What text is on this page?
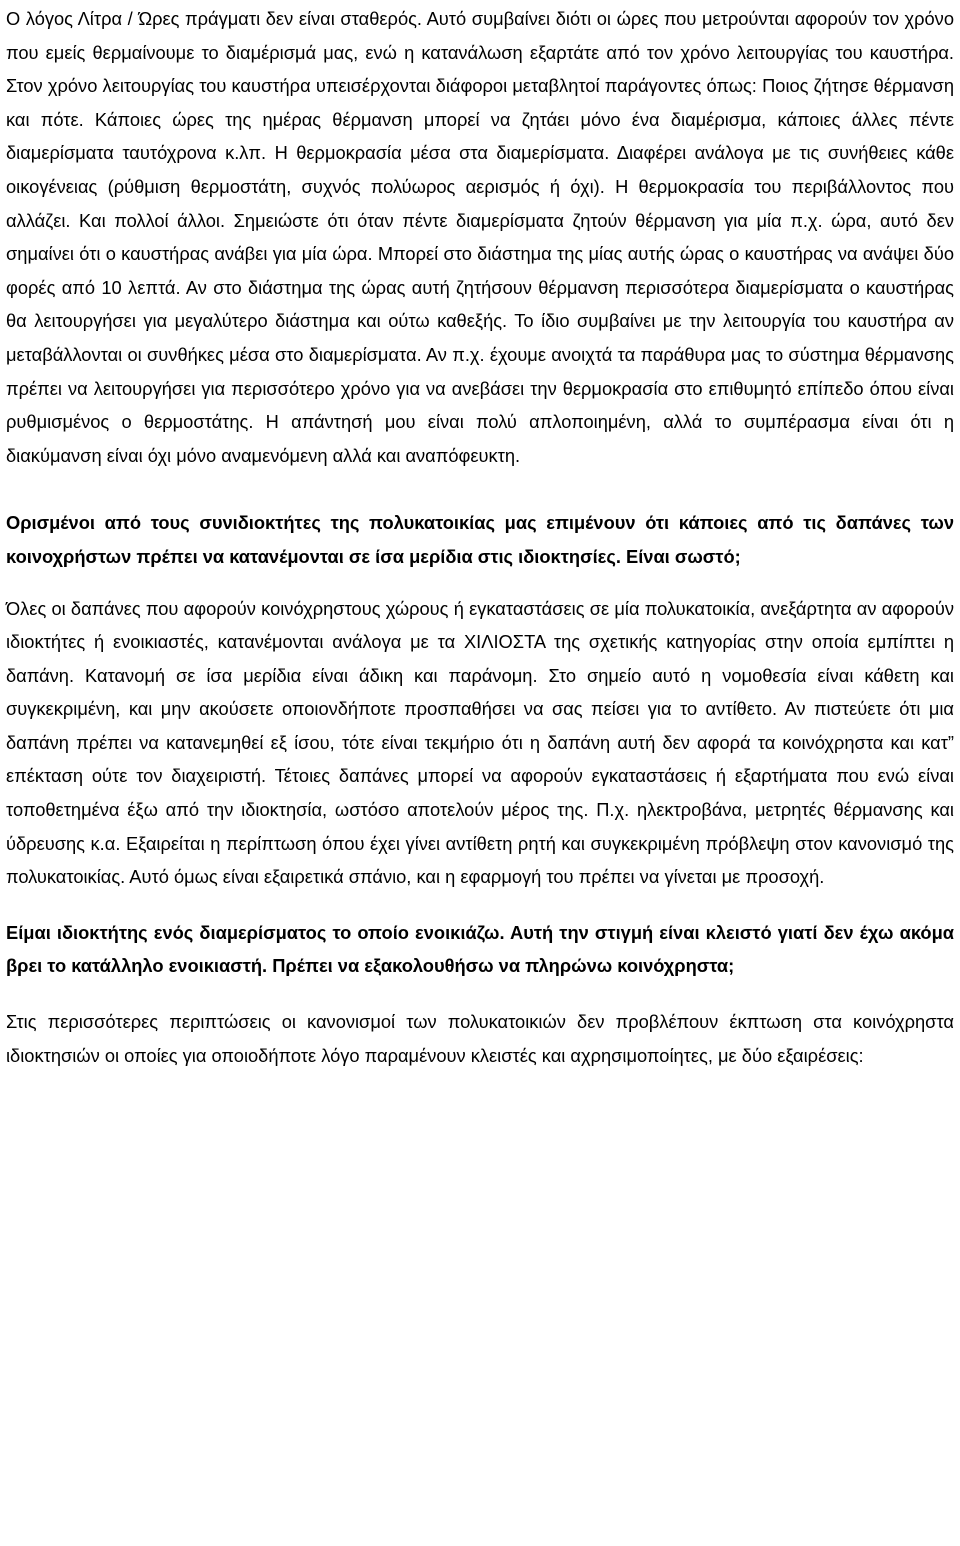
Ο λόγος Λίτρα / Ώρες πράγματι δεν είναι σταθερός. Αυτό συμβαίνει διότι οι ώρες που μετρούνται αφορούν τον χρόνο που εμείς θερμαίνουμε το διαμέρισμά μας, ενώ η κατανάλωση εξαρτάτε από τον χρόνο λειτουργίας του καυστήρα. Στον χρόνο λειτουργίας του καυστήρα υπεισέρχονται διάφοροι μεταβλητοί παράγοντες όπως: Ποιος ζήτησε θέρμανση και πότε. Κάποιες ώρες της ημέρας θέρμανση μπορεί να ζητάει μόνο ένα διαμέρισμα, κάποιες άλλες πέντε διαμερίσματα ταυτόχρονα κ.λπ. Η θερμοκρασία μέσα στα διαμερίσματα. Διαφέρει ανάλογα με τις συνήθειες κάθε οικογένειας (ρύθμιση θερμοστάτη, συχνός πολύωρος αερισμός ή όχι). Η θερμοκρασία του περιβάλλοντος που αλλάζει. Και πολλοί άλλοι. Σημειώστε ότι όταν πέντε διαμερίσματα ζητούν θέρμανση για μία π.χ. ώρα, αυτό δεν σημαίνει ότι ο καυστήρας ανάβει για μία ώρα. Μπορεί στο διάστημα της μίας αυτής ώρας ο καυστήρας να ανάψει δύο φορές από 10 λεπτά. Αν στο διάστημα της ώρας αυτή ζητήσουν θέρμανση περισσότερα διαμερίσματα ο καυστήρας θα λειτουργήσει για μεγαλύτερο διάστημα και ούτω καθεξής. Το ίδιο συμβαίνει με την λειτουργία του καυστήρα αν μεταβάλλονται οι συνθήκες μέσα στο διαμερίσματα. Αν π.χ. έχουμε ανοιχτά τα παράθυρα μας το σύστημα θέρμανσης πρέπει να λειτουργήσει για περισσότερο χρόνο για να ανεβάσει την θερμοκρασία στο επιθυμητό επίπεδο όπου είναι ρυθμισμένος ο θερμοστάτης. Η απάντησή μου είναι πολύ απλοποιημένη, αλλά το συμπέρασμα είναι ότι η διακύμανση είναι όχι μόνο αναμενόμενη αλλά και αναπόφευκτη.

Ορισμένοι από τους συνιδιοκτήτες της πολυκατοικίας μας επιμένουν ότι κάποιες από τις δαπάνες των κοινοχρήστων πρέπει να κατανέμονται σε ίσα μερίδια στις ιδιοκτησίες. Είναι σωστό;

Όλες οι δαπάνες που αφορούν κοινόχρηστους χώρους ή εγκαταστάσεις σε μία πολυκατοικία, ανεξάρτητα αν αφορούν ιδιοκτήτες ή ενοικιαστές, κατανέμονται ανάλογα με τα ΧΙΛΙΟΣΤΑ της σχετικής κατηγορίας στην οποία εμπίπτει η δαπάνη. Κατανομή σε ίσα μερίδια είναι άδικη και παράνομη. Στο σημείο αυτό η νομοθεσία είναι κάθετη και συγκεκριμένη, και μην ακούσετε οποιονδήποτε προσπαθήσει να σας πείσει για το αντίθετο. Αν πιστεύετε ότι μια δαπάνη πρέπει να κατανεμηθεί εξ ίσου, τότε είναι τεκμήριο ότι η δαπάνη αυτή δεν αφορά τα κοινόχρηστα και κατ” επέκταση ούτε τον διαχειριστή. Τέτοιες δαπάνες μπορεί να αφορούν εγκαταστάσεις ή εξαρτήματα που ενώ είναι τοποθετημένα έξω από την ιδιοκτησία, ωστόσο αποτελούν μέρος της. Π.χ. ηλεκτροβάνα, μετρητές θέρμανσης και ύδρευσης κ.α. Εξαιρείται η περίπτωση όπου έχει γίνει αντίθετη ρητή και συγκεκριμένη πρόβλεψη στον κανονισμό της πολυκατοικίας. Αυτό όμως είναι εξαιρετικά σπάνιο, και η εφαρμογή του πρέπει να γίνεται με προσοχή.

Είμαι ιδιοκτήτης ενός διαμερίσματος το οποίο ενοικιάζω. Αυτή την στιγμή είναι κλειστό γιατί δεν έχω ακόμα βρει το κατάλληλο ενοικιαστή. Πρέπει να εξακολουθήσω να πληρώνω κοινόχρηστα;

Στις περισσότερες περιπτώσεις οι κανονισμοί των πολυκατοικιών δεν προβλέπουν έκπτωση στα κοινόχρηστα ιδιοκτησιών οι οποίες για οποιοδήποτε λόγο παραμένουν κλειστές και αχρησιμοποίητες, με δύο εξαιρέσεις:
